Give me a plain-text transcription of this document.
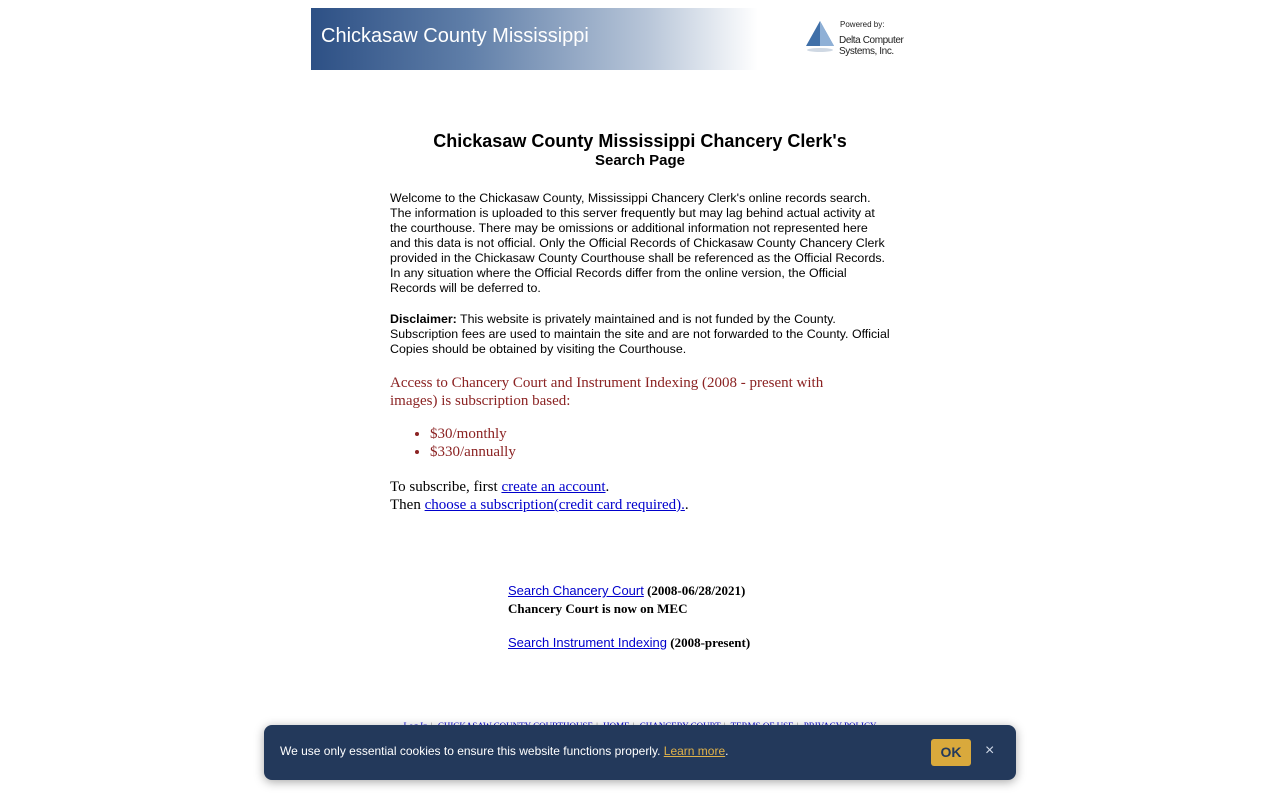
Chickasaw County Mississippi
Powered by:
Delta Computer Systems, Inc.
Chickasaw County Mississippi Chancery Clerk's
Search Page
Welcome to the Chickasaw County, Mississippi Chancery Clerk's online records search. The information is uploaded to this server frequently but may lag behind actual activity at the courthouse. There may be omissions or additional information not represented here and this data is not official. Only the Official Records of Chickasaw County Chancery Clerk provided in the Chickasaw County Courthouse shall be referenced as the Official Records. In any situation where the Official Records differ from the online version, the Official Records will be deferred to.
Disclaimer: This website is privately maintained and is not funded by the County. Subscription fees are used to maintain the site and are not forwarded to the County. Official Copies should be obtained by visiting the Courthouse.
Access to Chancery Court and Instrument Indexing (2008 - present with images) is subscription based:
• $30/monthly
• $330/annually
To subscribe, first create an account.
Then choose a subscription(credit card required)..
Search Chancery Court (2008-06/28/2021)
Chancery Court is now on MEC
Search Instrument Indexing (2008-present)
We use only essential cookies to ensure this website functions properly. Learn more.	OK	×
